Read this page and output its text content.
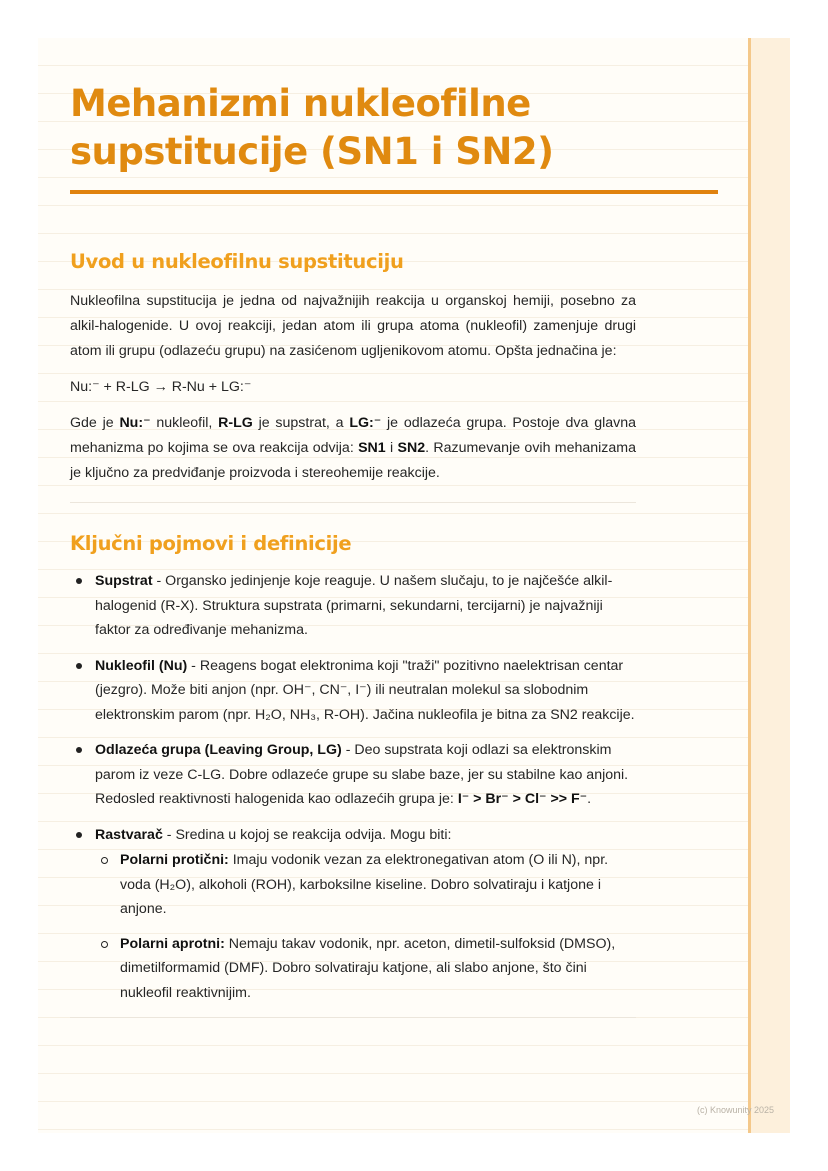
Mehanizmi nukleofilne supstitucije (SN1 i SN2)
Uvod u nukleofilnu supstituciju

Nukleofilna supstitucija je jedna od najvažnijih reakcija u organskoj hemiji, posebno za alkil-halogenide. U ovoj reakciji, jedan atom ili grupa atoma (nukleofil) zamenjuje drugi atom ili grupu (odlazeću grupu) na zasićenom ugljenikovom atomu. Opšta jednačina je:

Nu:⁻ + R-LG → R-Nu + LG:⁻

Gde je Nu:⁻ nukleofil, R-LG je supstrat, a LG:⁻ je odlazeća grupa. Postoje dva glavna mehanizma po kojima se ova reakcija odvija: SN1 i SN2. Razumevanje ovih mehanizama je ključno za predviđanje proizvoda i stereohemije reakcije.

Ključni pojmovi i definicije
Supstrat - Organsko jedinjenje koje reaguje. U našem slučaju, to je najčešće alkil-halogenid (R-X). Struktura supstrata (primarni, sekundarni, tercijarni) je najvažniji faktor za određivanje mehanizma.
Nukleofil (Nu) - Reagens bogat elektronima koji "traži" pozitivno naelektrisan centar (jezgro). Može biti anjon (npr. OH⁻, CN⁻, I⁻) ili neutralan molekul sa slobodnim elektronskim parom (npr. H₂O, NH₃, R-OH). Jačina nukleofila je bitna za SN2 reakcije.
Odlazeća grupa (Leaving Group, LG) - Deo supstrata koji odlazi sa elektronskim parom iz veze C-LG. Dobre odlazeće grupe su slabe baze, jer su stabilne kao anjoni. Redosled reaktivnosti halogenida kao odlazećih grupa je: I⁻ > Br⁻ > Cl⁻ >> F⁻.
Rastvarač - Sredina u kojoj se reakcija odvija. Mogu biti:
Polarni protični: Imaju vodonik vezan za elektronegativan atom (O ili N), npr. voda (H₂O), alkoholi (ROH), karboksilne kiseline. Dobro solvatiraju i katjone i anjone.
Polarni aprotni: Nemaju takav vodonik, npr. aceton, dimetil-sulfoksid (DMSO), dimetilformamid (DMF). Dobro solvatiraju katjone, ali slabo anjone, što čini nukleofil reaktivnijim.
(c) Knowunity 2025
